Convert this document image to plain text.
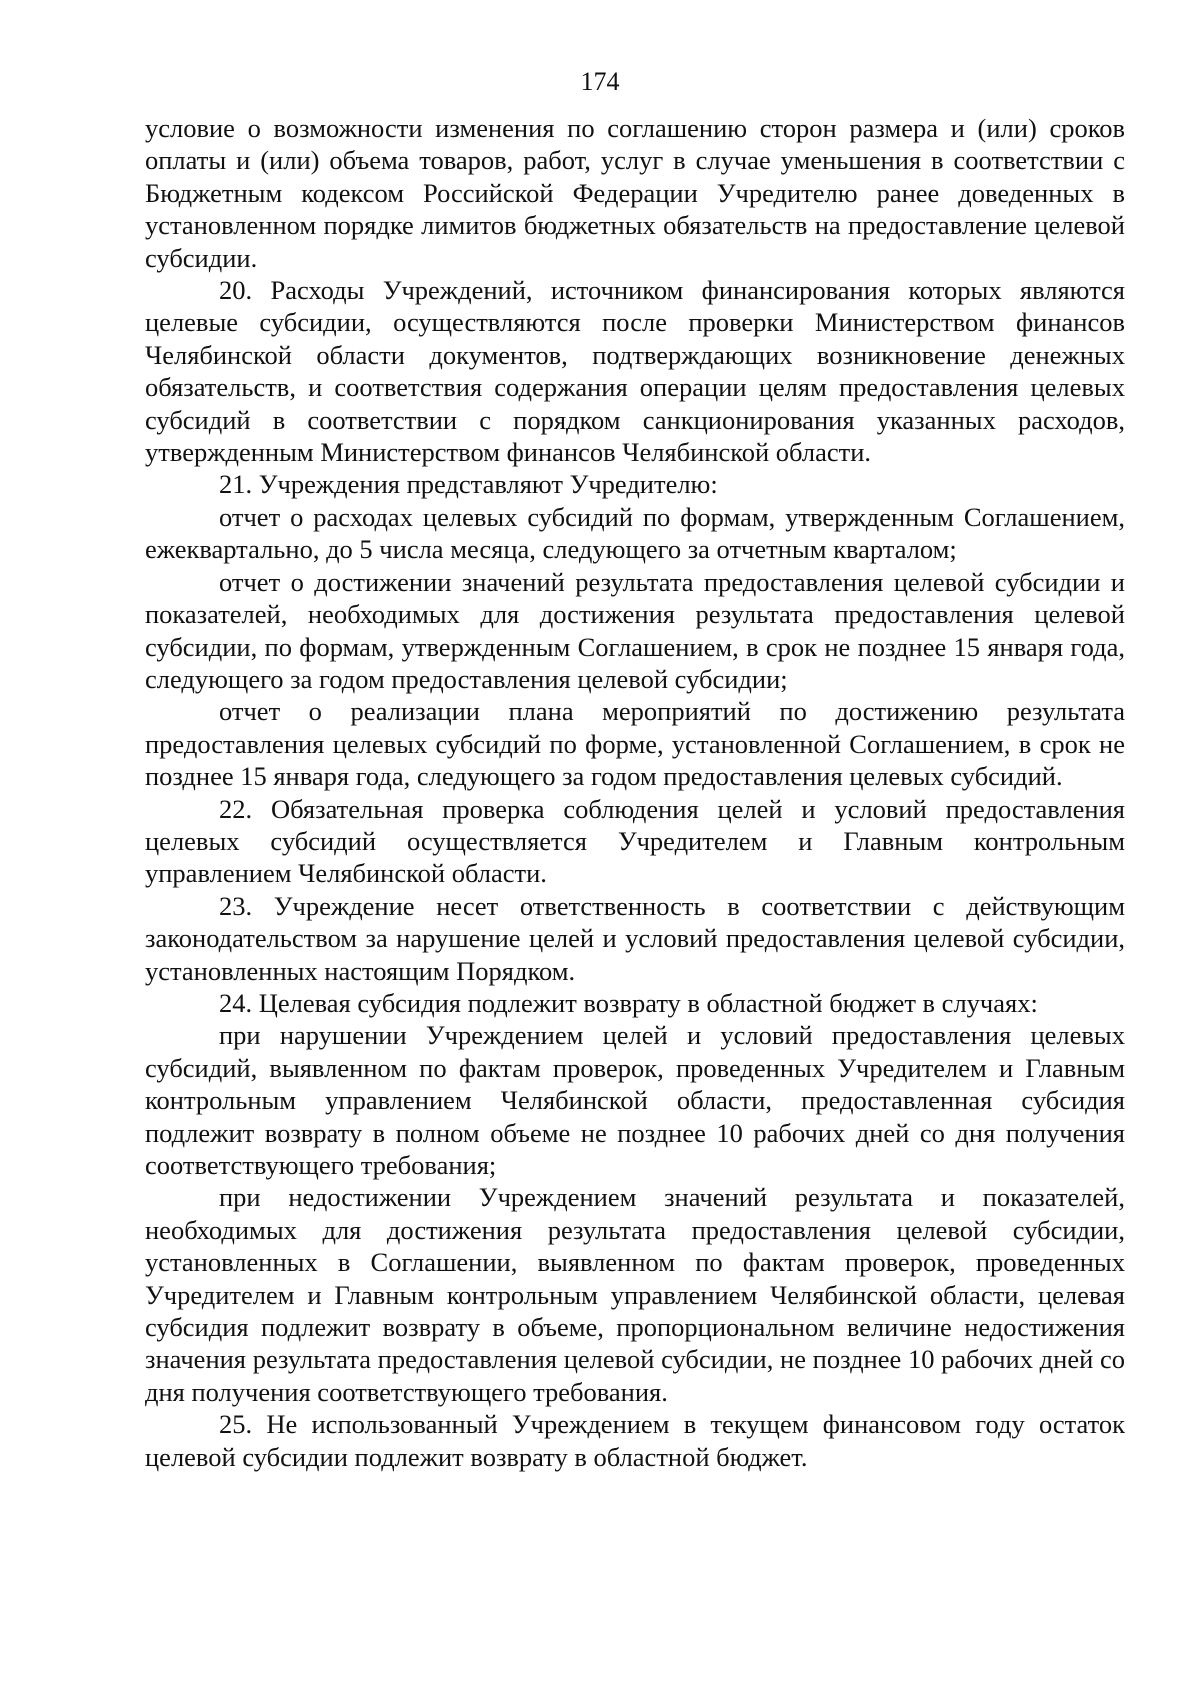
174

условие о возможности изменения по соглашению сторон размера и (или) сроков оплаты и (или) объема товаров, работ, услуг в случае уменьшения в соответствии с Бюджетным кодексом Российской Федерации Учредителю ранее доведенных в установленном порядке лимитов бюджетных обязательств на предоставление целевой субсидии.

20. Расходы Учреждений, источником финансирования которых являются целевые субсидии, осуществляются после проверки Министерством финансов Челябинской области документов, подтверждающих возникновение денежных обязательств, и соответствия содержания операции целям предоставления целевых субсидий в соответствии с порядком санкционирования указанных расходов, утвержденным Министерством финансов Челябинской области.

21. Учреждения представляют Учредителю:

отчет о расходах целевых субсидий по формам, утвержденным Соглашением, ежеквартально, до 5 числа месяца, следующего за отчетным кварталом;

отчет о достижении значений результата предоставления целевой субсидии и показателей, необходимых для достижения результата предоставления целевой субсидии, по формам, утвержденным Соглашением, в срок не позднее 15 января года, следующего за годом предоставления целевой субсидии;

отчет о реализации плана мероприятий по достижению результата предоставления целевых субсидий по форме, установленной Соглашением, в срок не позднее 15 января года, следующего за годом предоставления целевых субсидий.

22. Обязательная проверка соблюдения целей и условий предоставления целевых субсидий осуществляется Учредителем и Главным контрольным управлением Челябинской области.

23. Учреждение несет ответственность в соответствии с действующим законодательством за нарушение целей и условий предоставления целевой субсидии, установленных настоящим Порядком.

24. Целевая субсидия подлежит возврату в областной бюджет в случаях:

при нарушении Учреждением целей и условий предоставления целевых субсидий, выявленном по фактам проверок, проведенных Учредителем и Главным контрольным управлением Челябинской области, предоставленная субсидия подлежит возврату в полном объеме не позднее 10 рабочих дней со дня получения соответствующего требования;

при недостижении Учреждением значений результата и показателей, необходимых для достижения результата предоставления целевой субсидии, установленных в Соглашении, выявленном по фактам проверок, проведенных Учредителем и Главным контрольным управлением Челябинской области, целевая субсидия подлежит возврату в объеме, пропорциональном величине недостижения значения результата предоставления целевой субсидии, не позднее 10 рабочих дней со дня получения соответствующего требования.

25. Не использованный Учреждением в текущем финансовом году остаток целевой субсидии подлежит возврату в областной бюджет.
